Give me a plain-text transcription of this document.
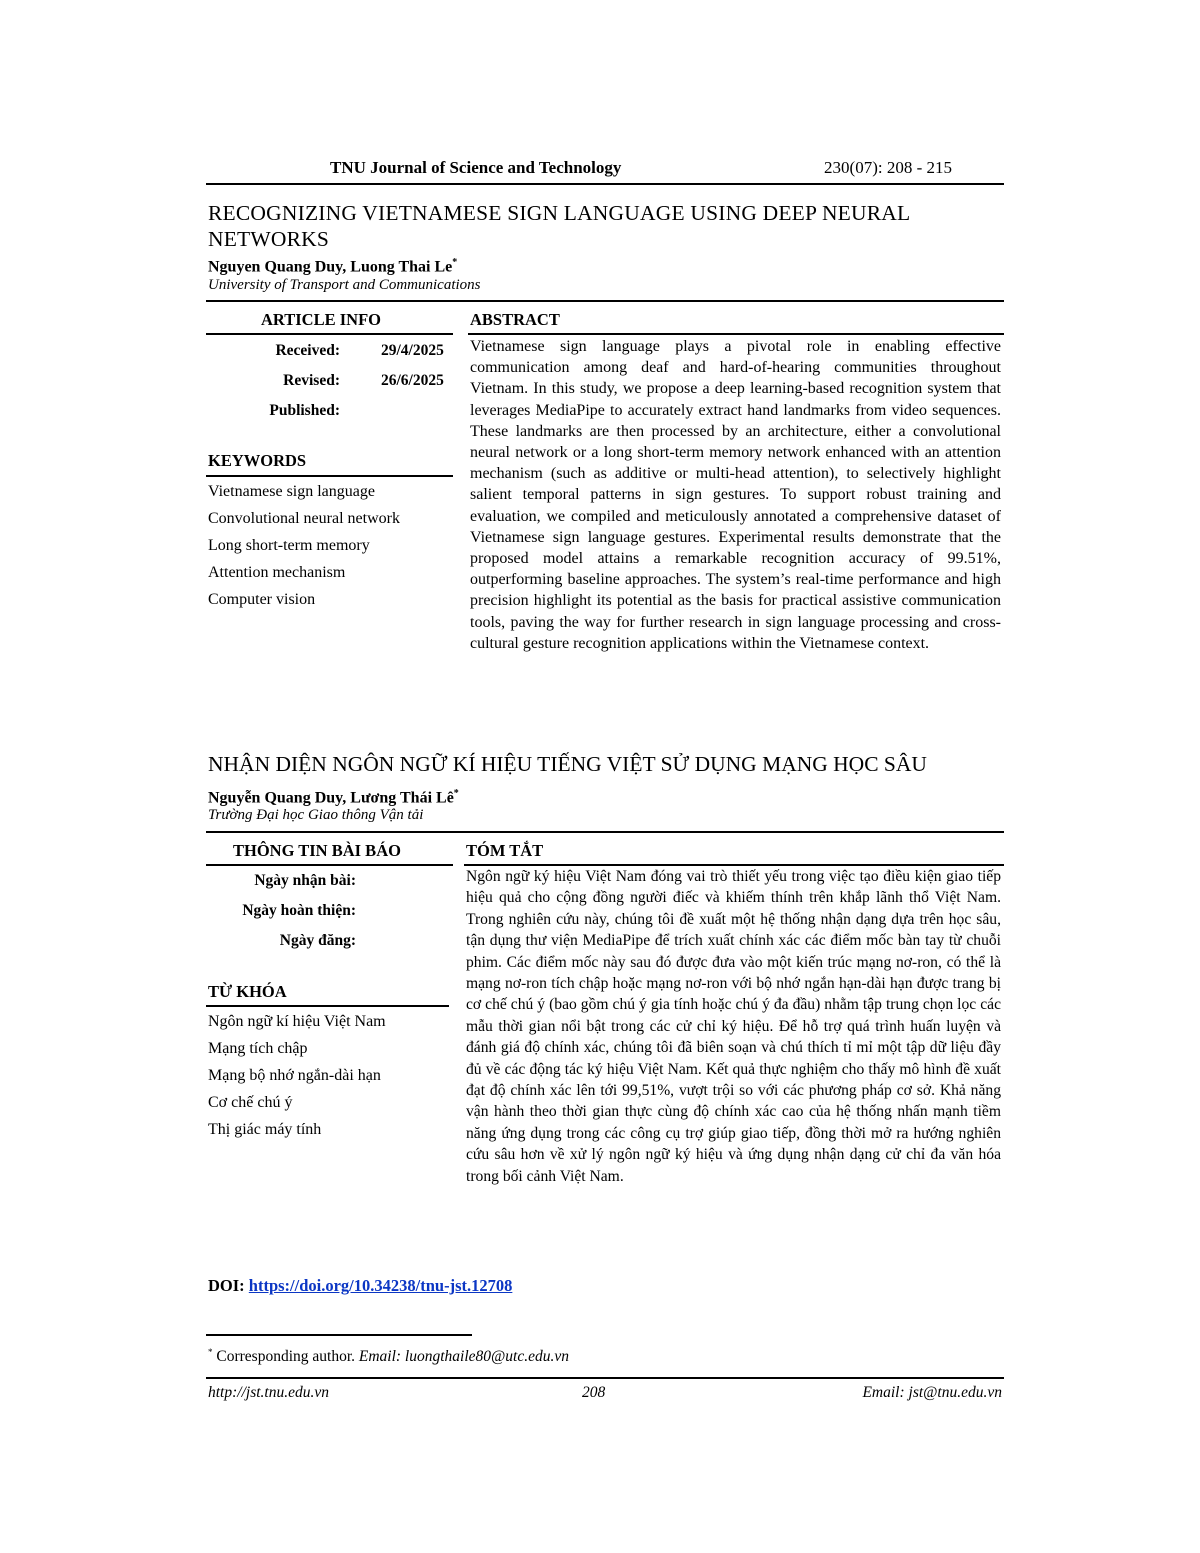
TNU Journal of Science and Technology	230(07): 208 - 215
RECOGNIZING VIETNAMESE SIGN LANGUAGE USING DEEP NEURAL NETWORKS
Nguyen Quang Duy, Luong Thai Le*
University of Transport and Communications
ARTICLE INFO	ABSTRACT
Received:	29/4/2025
Revised:	26/6/2025
Published:
KEYWORDS
Vietnamese sign language
Convolutional neural network
Long short-term memory
Attention mechanism
Computer vision
Vietnamese sign language plays a pivotal role in enabling effective communication among deaf and hard-of-hearing communities throughout Vietnam. In this study, we propose a deep learning-based recognition system that leverages MediaPipe to accurately extract hand landmarks from video sequences. These landmarks are then processed by an architecture, either a convolutional neural network or a long short-term memory network enhanced with an attention mechanism (such as additive or multi-head attention), to selectively highlight salient temporal patterns in sign gestures. To support robust training and evaluation, we compiled and meticulously annotated a comprehensive dataset of Vietnamese sign language gestures. Experimental results demonstrate that the proposed model attains a remarkable recognition accuracy of 99.51%, outperforming baseline approaches. The system’s real-time performance and high precision highlight its potential as the basis for practical assistive communication tools, paving the way for further research in sign language processing and cross-cultural gesture recognition applications within the Vietnamese context.
NHẬN DIỆN NGÔN NGỮ KÍ HIỆU TIẾNG VIỆT SỬ DỤNG MẠNG HỌC SÂU
Nguyễn Quang Duy, Lương Thái Lê*
Trường Đại học Giao thông Vận tải
THÔNG TIN BÀI BÁO	TÓM TẮT
Ngày nhận bài:
Ngày hoàn thiện:
Ngày đăng:
TỪ KHÓA
Ngôn ngữ kí hiệu Việt Nam
Mạng tích chập
Mạng bộ nhớ ngắn-dài hạn
Cơ chế chú ý
Thị giác máy tính
Ngôn ngữ ký hiệu Việt Nam đóng vai trò thiết yếu trong việc tạo điều kiện giao tiếp hiệu quả cho cộng đồng người điếc và khiếm thính trên khắp lãnh thổ Việt Nam. Trong nghiên cứu này, chúng tôi đề xuất một hệ thống nhận dạng dựa trên học sâu, tận dụng thư viện MediaPipe để trích xuất chính xác các điểm mốc bàn tay từ chuỗi phim. Các điểm mốc này sau đó được đưa vào một kiến trúc mạng nơ-ron, có thể là mạng nơ-ron tích chập hoặc mạng nơ-ron với bộ nhớ ngắn hạn-dài hạn được trang bị cơ chế chú ý (bao gồm chú ý gia tính hoặc chú ý đa đầu) nhằm tập trung chọn lọc các mẫu thời gian nổi bật trong các cử chỉ ký hiệu. Để hỗ trợ quá trình huấn luyện và đánh giá độ chính xác, chúng tôi đã biên soạn và chú thích tỉ mỉ một tập dữ liệu đầy đủ về các động tác ký hiệu Việt Nam. Kết quả thực nghiệm cho thấy mô hình đề xuất đạt độ chính xác lên tới 99,51%, vượt trội so với các phương pháp cơ sở. Khả năng vận hành theo thời gian thực cùng độ chính xác cao của hệ thống nhấn mạnh tiềm năng ứng dụng trong các công cụ trợ giúp giao tiếp, đồng thời mở ra hướng nghiên cứu sâu hơn về xử lý ngôn ngữ ký hiệu và ứng dụng nhận dạng cử chỉ đa văn hóa trong bối cảnh Việt Nam.
DOI: https://doi.org/10.34238/tnu-jst.12708
* Corresponding author. Email: luongthaile80@utc.edu.vn
http://jst.tnu.edu.vn	208	Email: jst@tnu.edu.vn
